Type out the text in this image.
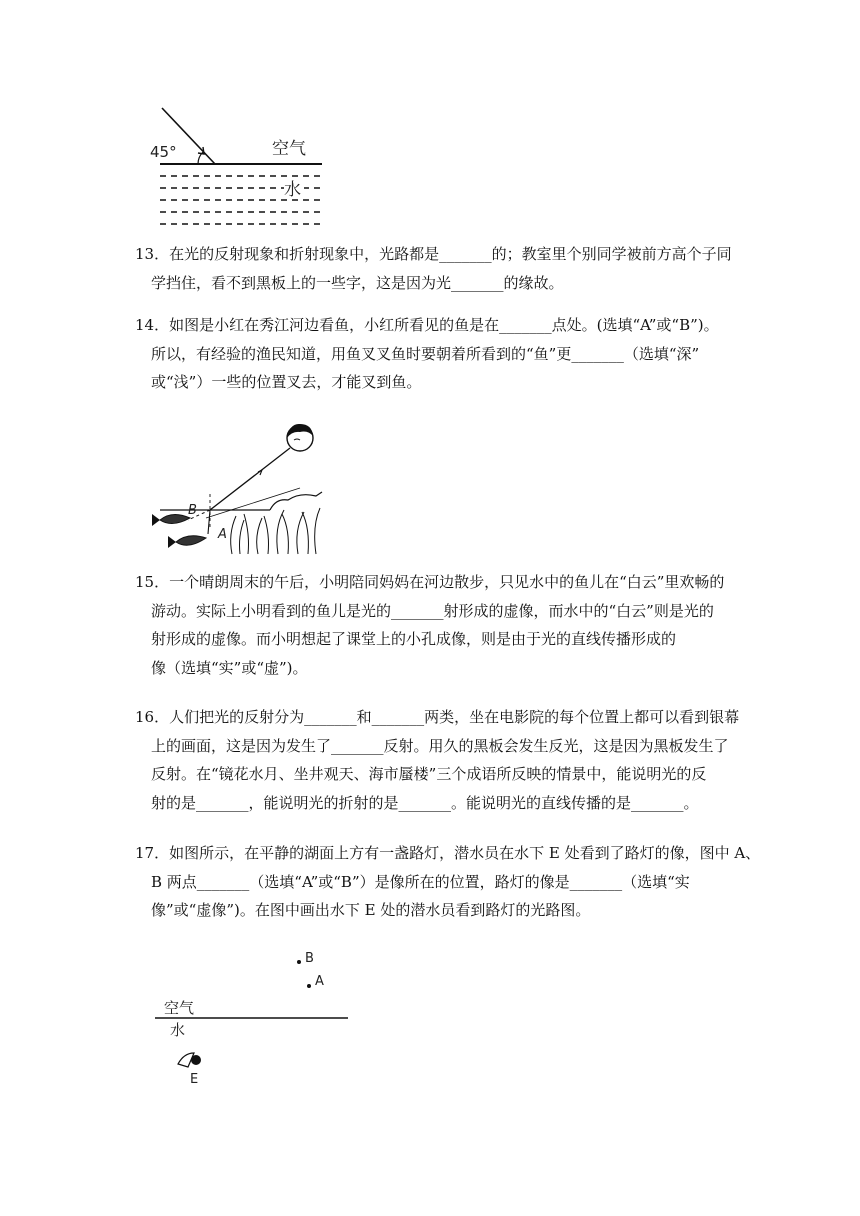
45°	空气
水
13．在光的反射现象和折射现象中，光路都是_______的；教室里个别同学被前方高个子同
学挡住，看不到黑板上的一些字，这是因为光_______的缘故。
14．如图是小红在秀江河边看鱼，小红所看见的鱼是在_______点处。(选填“A”或“B”)。
所以，有经验的渔民知道，用鱼叉叉鱼时要朝着所看到的“鱼”更_______（选填“深”
或“浅”）一些的位置叉去，才能叉到鱼。
B
A
15．一个晴朗周末的午后，小明陪同妈妈在河边散步，只见水中的鱼儿在“白云”里欢畅的
游动。实际上小明看到的鱼儿是光的_______射形成的虚像，而水中的“白云”则是光的
射形成的虚像。而小明想起了课堂上的小孔成像，则是由于光的直线传播形成的
像（选填“实”或“虚”)。
16．人们把光的反射分为_______和_______两类，坐在电影院的每个位置上都可以看到银幕
上的画面，这是因为发生了_______反射。用久的黑板会发生反光，这是因为黑板发生了
反射。在“镜花水月、坐井观天、海市蜃楼”三个成语所反映的情景中，能说明光的反
射的是_______，能说明光的折射的是_______。能说明光的直线传播的是_______。
17．如图所示，在平静的湖面上方有一盏路灯，潜水员在水下 E 处看到了路灯的像，图中 A、
B 两点_______（选填“A”或“B”）是像所在的位置，路灯的像是_______（选填“实
像”或“虚像”)。在图中画出水下 E 处的潜水员看到路灯的光路图。
B
A
空气
水
E
